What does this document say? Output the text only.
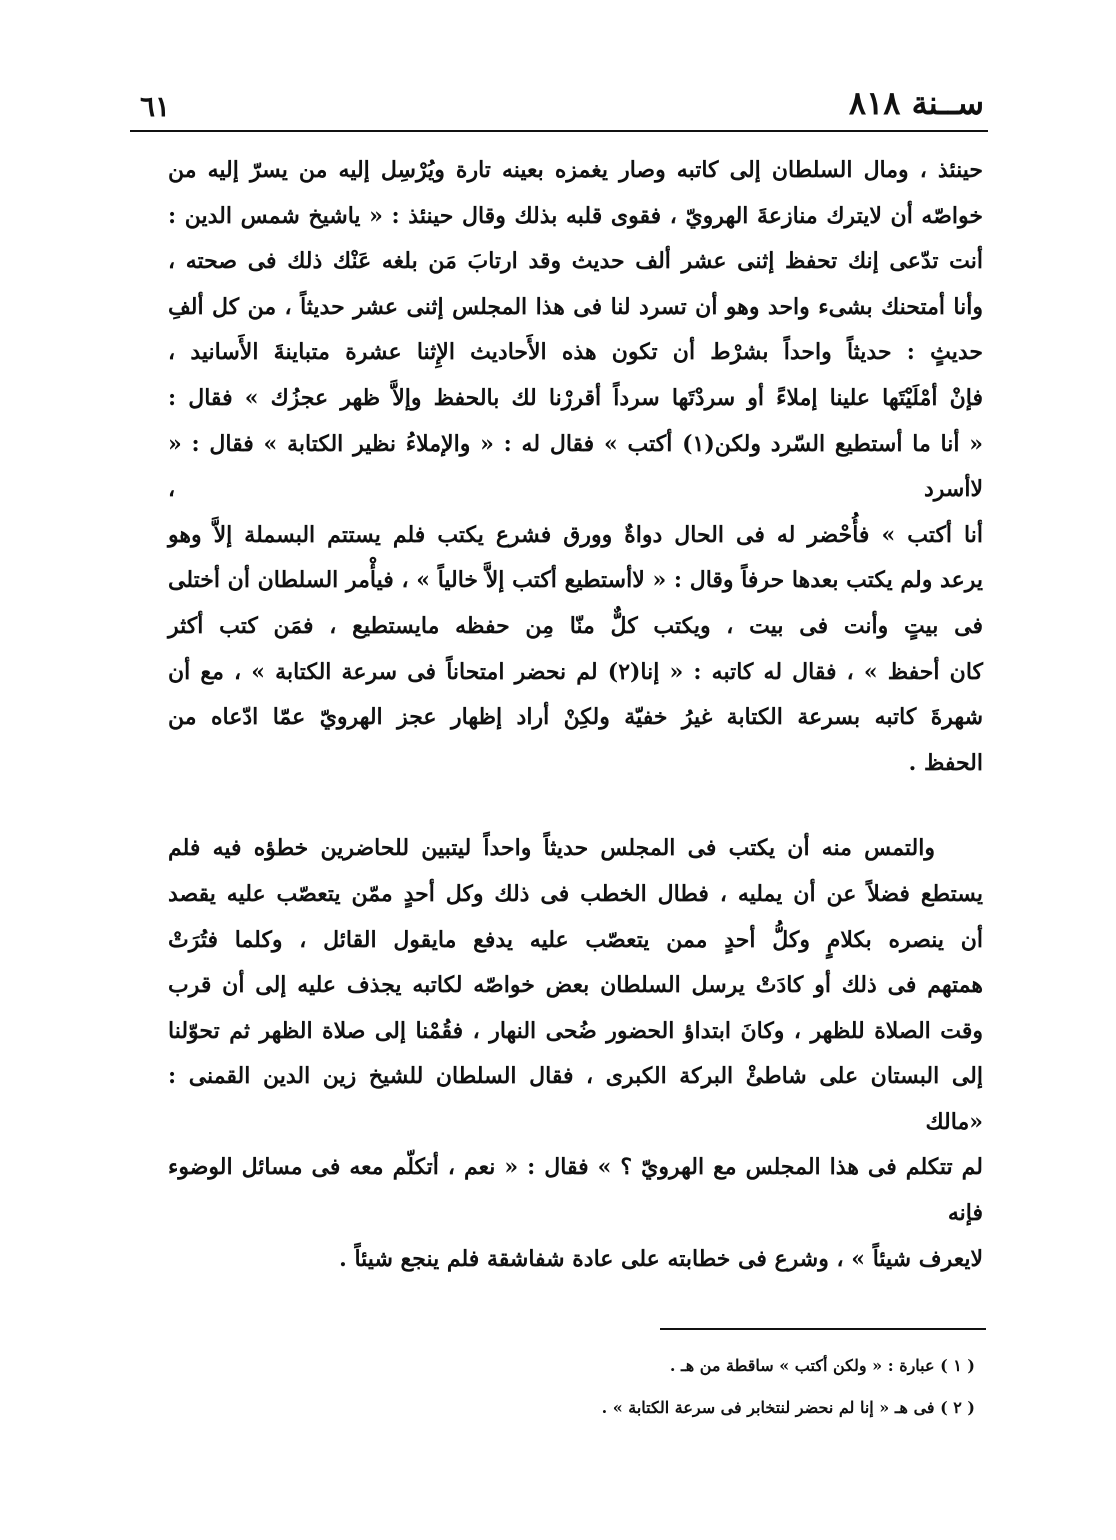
٦١	ســنة ٨١٨
حينئذ ، ومال السلطان إلى كاتبه وصار يغمزه بعينه تارة ويُرْسِل إليه من يسرّ إليه من
خواصّه أن لايترك منازعةَ الهرويّ ، فقوى قلبه بذلك وقال حينئذ : « ياشيخ شمس الدين :
أنت تدّعى إنك تحفظ إثنى عشر ألف حديث وقد ارتابَ مَن بلغه عَنْك ذلك فى صحته ،
وأنا أمتحنك بشىء واحد وهو أن تسرد لنا فى هذا المجلس إثنى عشر حديثاً ، من كل ألفِ
حديثٍ : حديثاً واحداً بشرْط أن تكون هذه الأَحاديث الإِثنا عشرة متباينةَ الأَسانيد ،
فإنْ أمْلَيْتَها علينا إملاءً أو سردْتَها سرداً أقررْنا لك بالحفظ وإلاَّ ظهر عجزُك » فقال :
« أنا ما أستطيع السّرد ولكن(١) أكتب » فقال له : « والإملاءُ نظير الكتابة » فقال : « لاأسرد ،
أنا أكتب » فأُحْضر له فى الحال دواةٌ وورق فشرع يكتب فلم يستتم البسملة إلاَّ وهو
يرعد ولم يكتب بعدها حرفاً وقال : « لاأستطيع أكتب إلاَّ خالياً » ، فيأْمر السلطان أن أختلى
فى بيتٍ وأنت فى بيت ، ويكتب كلٌّ منّا مِن حفظه مايستطيع ، فمَن كتب أكثر
كان أحفظ » ، فقال له كاتبه : « إنا(٢) لم نحضر امتحاناً فى سرعة الكتابة » ، مع أن
شهرةَ كاتبه بسرعة الكتابة غيرُ خفيّة ولكِنْ أراد إظهار عجز الهرويّ عمّا ادّعاه من
الحفظ .
والتمس منه أن يكتب فى المجلس حديثاً واحداً ليتبين للحاضرين خطؤه فيه فلم
يستطع فضلاً عن أن يمليه ، فطال الخطب فى ذلك وكل أحدٍ ممّن يتعصّب عليه يقصد
أن ينصره بكلامٍ وكلُّ أحدٍ ممن يتعصّب عليه يدفع مايقول القائل ، وكلما فتُرَتْ
همتهم فى ذلك أو كادَتْ يرسل السلطان بعض خواصّه لكاتبه يجذف عليه إلى أن قرب
وقت الصلاة للظهر ، وكانَ ابتداؤ الحضور ضُحى النهار ، فقُمْنا إلى صلاة الظهر ثم تحوّلنا
إلى البستان على شاطئْ البركة الكبرى ، فقال السلطان للشيخ زين الدين القمنى : «مالك
لم تتكلم فى هذا المجلس مع الهرويّ ؟ » فقال : « نعم ، أتكلّم معه فى مسائل الوضوء فإنه
لايعرف شيئاً » ، وشرع فى خطابته على عادة شفاشقة فلم ينجع شيئاً .
( ١ ) عبارة : « ولكن أكتب » ساقطة من هـ .
( ٢ ) فى هـ « إنا لم نحضر لنتخابر فى سرعة الكتابة » .
